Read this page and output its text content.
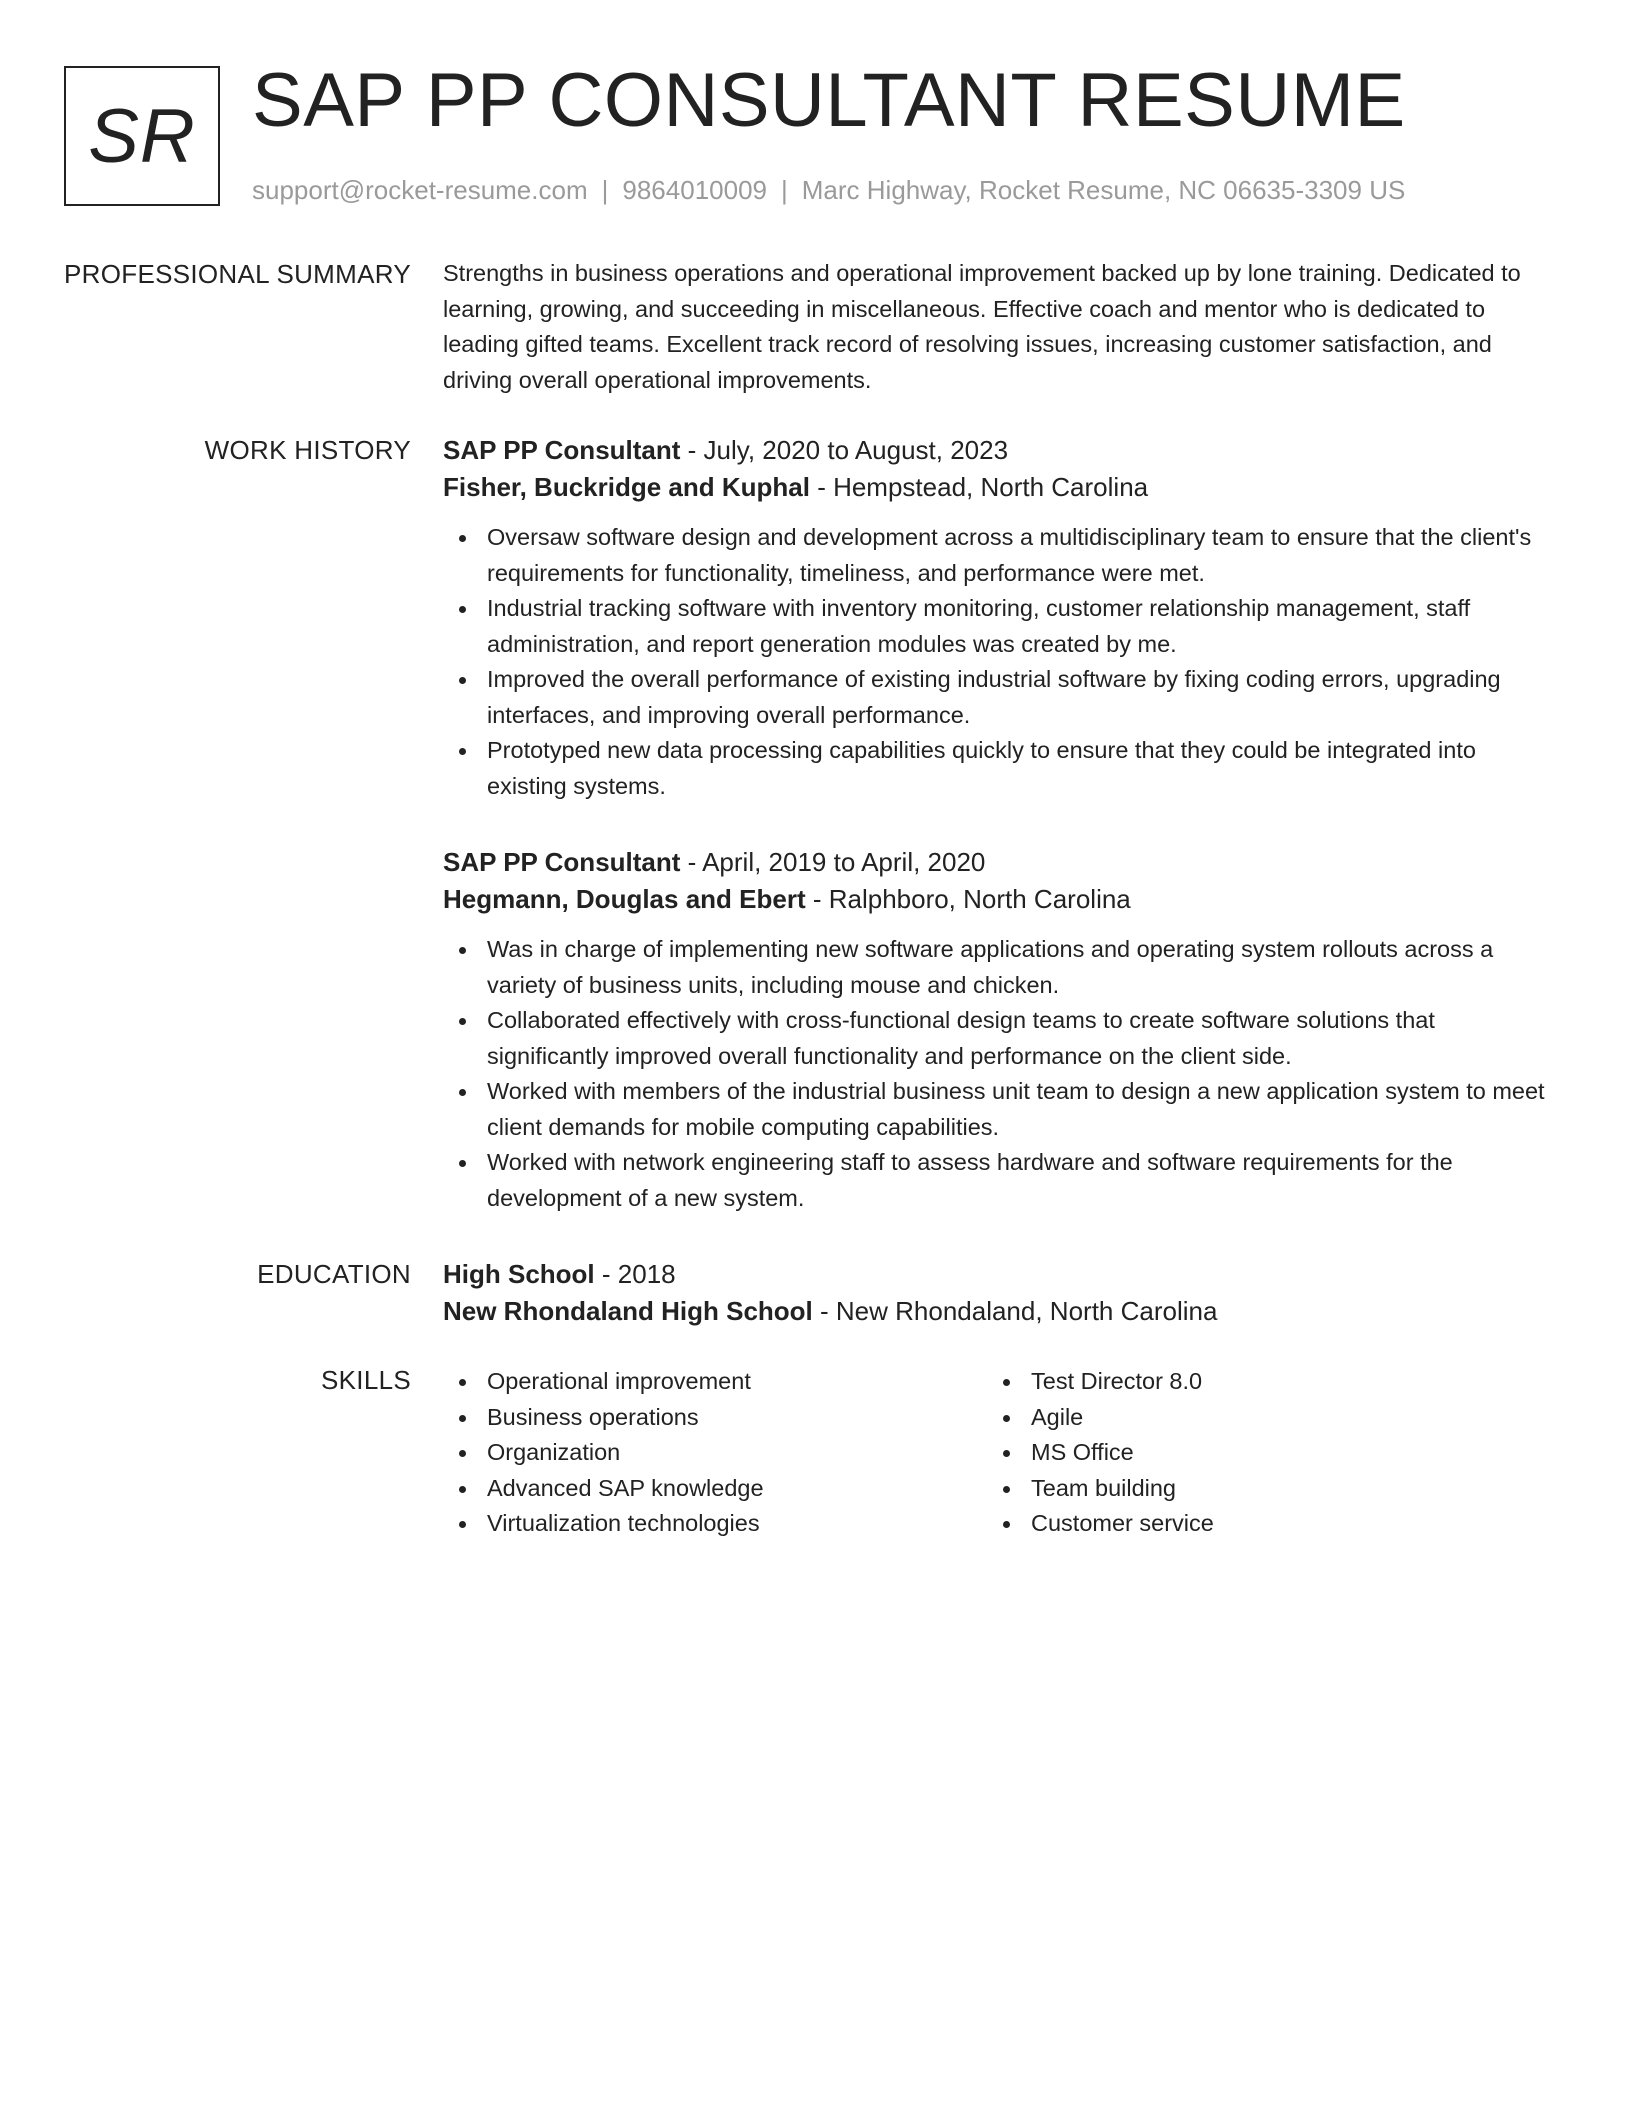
SR SAP PP CONSULTANT RESUME
support@rocket-resume.com | 9864010009 | Marc Highway, Rocket Resume, NC 06635-3309 US
PROFESSIONAL SUMMARY Strengths in business operations and operational improvement backed up by lone training. Dedicated to learning, growing, and succeeding in miscellaneous. Effective coach and mentor who is dedicated to leading gifted teams. Excellent track record of resolving issues, increasing customer satisfaction, and driving overall operational improvements.
WORK HISTORY SAP PP Consultant - July, 2020 to August, 2023
Fisher, Buckridge and Kuphal - Hempstead, North Carolina
Oversaw software design and development across a multidisciplinary team to ensure that the client's requirements for functionality, timeliness, and performance were met.
Industrial tracking software with inventory monitoring, customer relationship management, staff administration, and report generation modules was created by me.
Improved the overall performance of existing industrial software by fixing coding errors, upgrading interfaces, and improving overall performance.
Prototyped new data processing capabilities quickly to ensure that they could be integrated into existing systems.
SAP PP Consultant - April, 2019 to April, 2020
Hegmann, Douglas and Ebert - Ralphboro, North Carolina
Was in charge of implementing new software applications and operating system rollouts across a variety of business units, including mouse and chicken.
Collaborated effectively with cross-functional design teams to create software solutions that significantly improved overall functionality and performance on the client side.
Worked with members of the industrial business unit team to design a new application system to meet client demands for mobile computing capabilities.
Worked with network engineering staff to assess hardware and software requirements for the development of a new system.
EDUCATION High School - 2018
New Rhondaland High School - New Rhondaland, North Carolina
SKILLS	Operational improvement
Business operations
Organization
Advanced SAP knowledge
Virtualization technologies
Test Director 8.0
Agile
MS Office
Team building
Customer service
